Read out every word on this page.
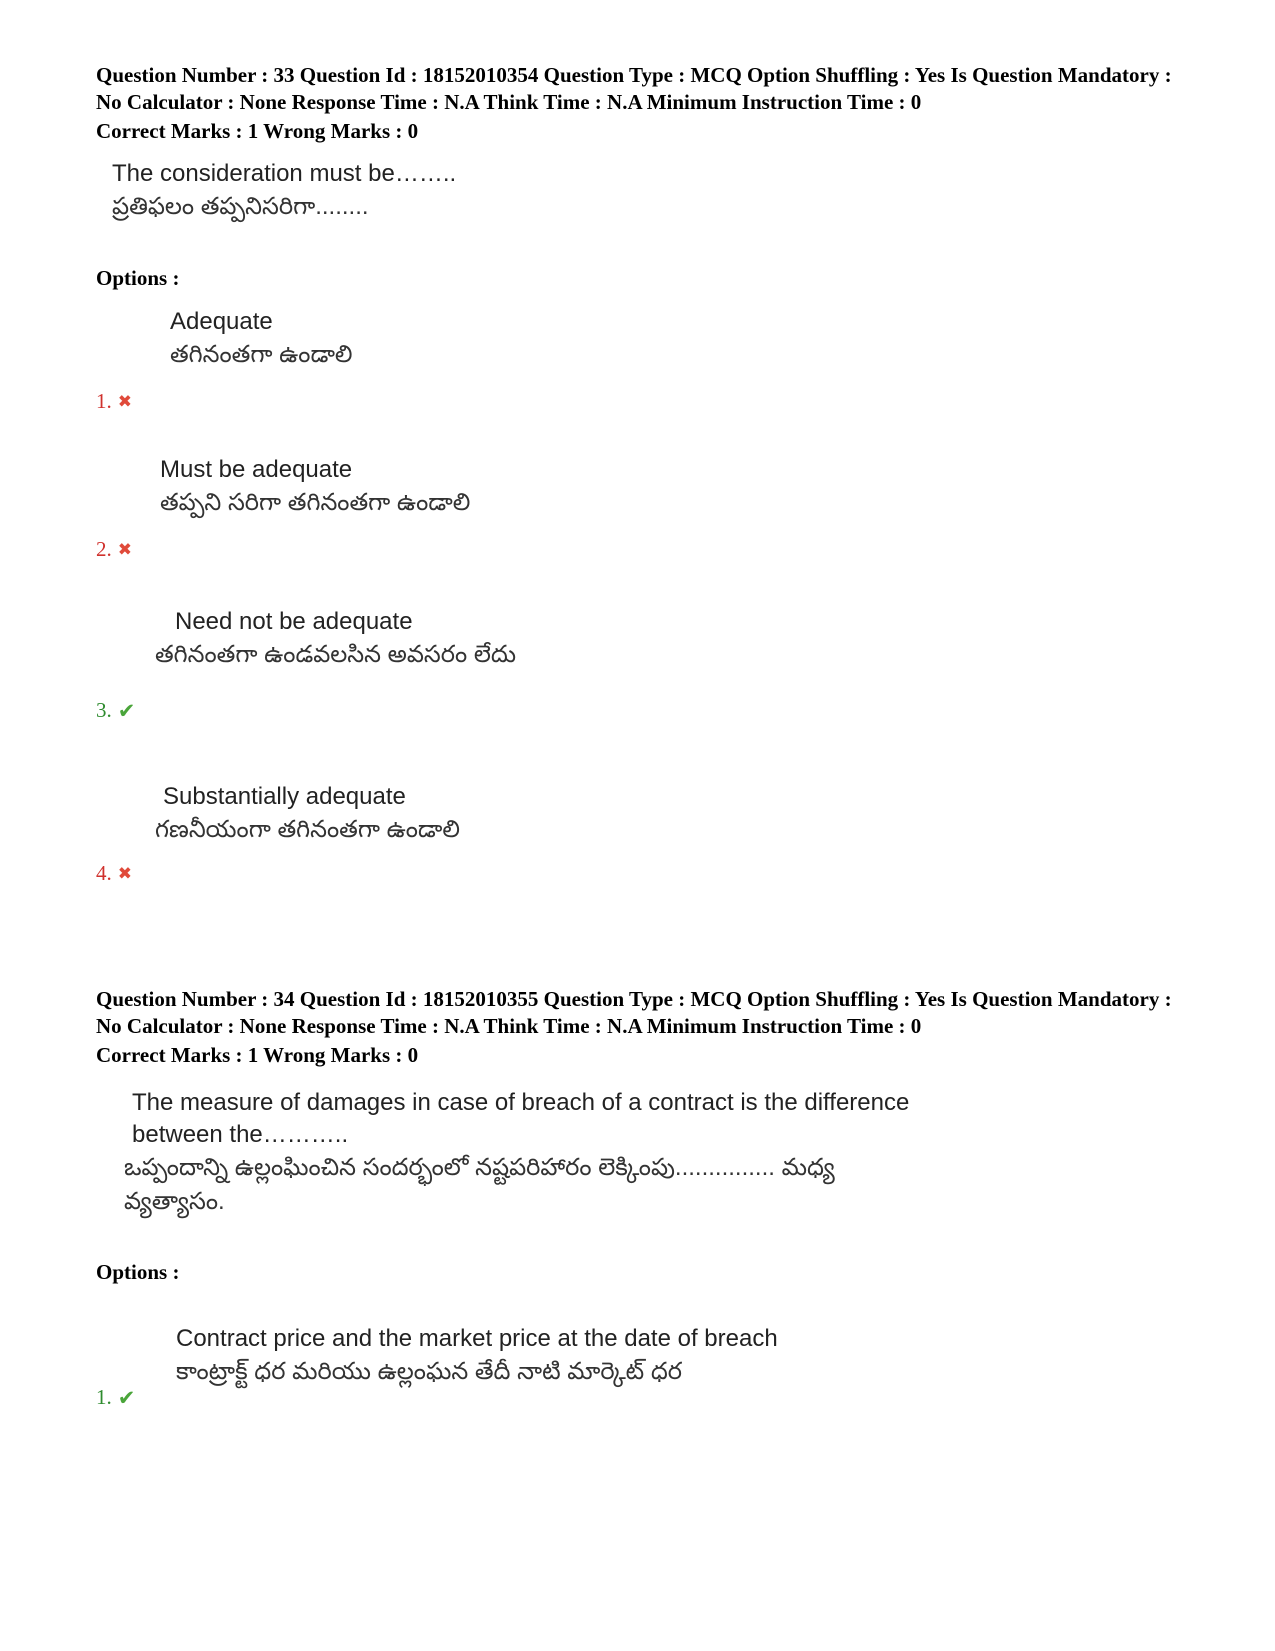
Question Number : 33 Question Id : 18152010354 Question Type : MCQ Option Shuffling : Yes Is Question Mandatory : No Calculator : None Response Time : N.A Think Time : N.A Minimum Instruction Time : 0
Correct Marks : 1 Wrong Marks : 0
The consideration must be……..
ప్రతిఫలం తప్పనిసరిగా........
Options :
Adequate
తగినంతగా ఉండాలి
1. ✖
Must be adequate
తప్పని సరిగా తగినంతగా ఉండాలి
2. ✖
Need not be adequate
తగినంతగా ఉండవలసిన అవసరం లేదు
3. ✔
Substantially adequate
గణనీయంగా తగినంతగా ఉండాలి
4. ✖
Question Number : 34 Question Id : 18152010355 Question Type : MCQ Option Shuffling : Yes Is Question Mandatory : No Calculator : None Response Time : N.A Think Time : N.A Minimum Instruction Time : 0
Correct Marks : 1 Wrong Marks : 0
The measure of damages in case of breach of a contract is the difference
between the………..
ఒప్పందాన్ని ఉల్లంఘించిన సందర్భంలో నష్టపరిహారం లెక్కింపు............... మధ్య
వ్యత్యాసం.
Options :
Contract price and the market price at the date of breach
కాంట్రాక్ట్ ధర మరియు ఉల్లంఘన తేదీ నాటి మార్కెట్ ధర
1. ✔
